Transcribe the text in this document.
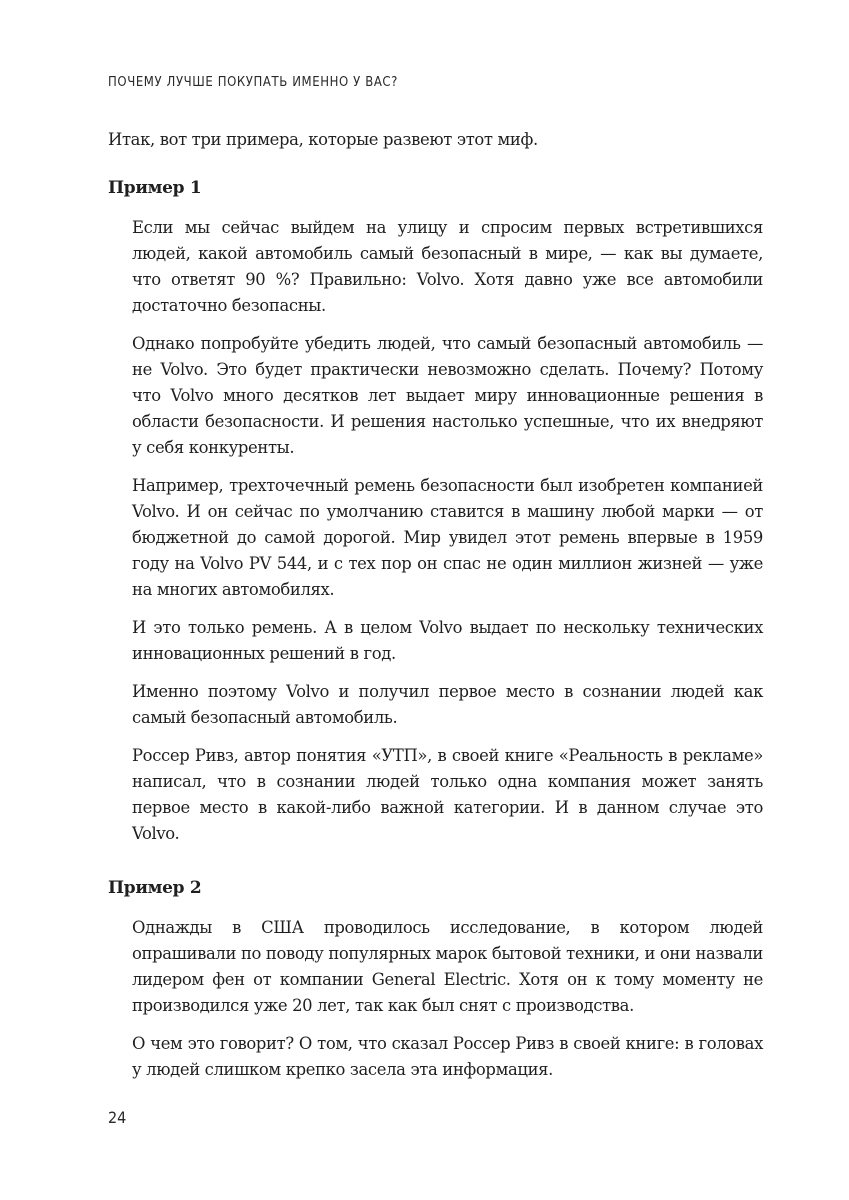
ПОЧЕМУ ЛУЧШЕ ПОКУПАТЬ ИМЕННО У ВАС?

Итак, вот три примера, которые развеют этот миф.

Пример 1

Если мы сейчас выйдем на улицу и спросим первых встретившихся людей, какой автомобиль самый безопасный в мире, — как вы думаете, что ответят 90 %? Правильно: Volvo. Хотя давно уже все автомобили достаточно безопасны.

Однако попробуйте убедить людей, что самый безопасный автомобиль — не Volvo. Это будет практически невозможно сделать. Почему? Потому что Volvo много десятков лет выдает миру инновационные решения в области безопасности. И решения настолько успешные, что их внедряют у себя конкуренты.

Например, трехточечный ремень безопасности был изобретен компанией Volvo. И он сейчас по умолчанию ставится в машину любой марки — от бюджетной до самой дорогой. Мир увидел этот ремень впервые в 1959 году на Volvo PV 544, и с тех пор он спас не один миллион жизней — уже на многих автомобилях.

И это только ремень. А в целом Volvo выдает по нескольку технических инновационных решений в год.

Именно поэтому Volvo и получил первое место в сознании людей как самый безопасный автомобиль.

Россер Ривз, автор понятия «УТП», в своей книге «Реальность в рекламе» написал, что в сознании людей только одна компания может занять первое место в какой-либо важной категории. И в данном случае это Volvo.

Пример 2

Однажды в США проводилось исследование, в котором людей опрашивали по поводу популярных марок бытовой техники, и они назвали лидером фен от компании General Electric. Хотя он к тому моменту не производился уже 20 лет, так как был снят с производства.

О чем это говорит? О том, что сказал Россер Ривз в своей книге: в головах у людей слишком крепко засела эта информация.

24
